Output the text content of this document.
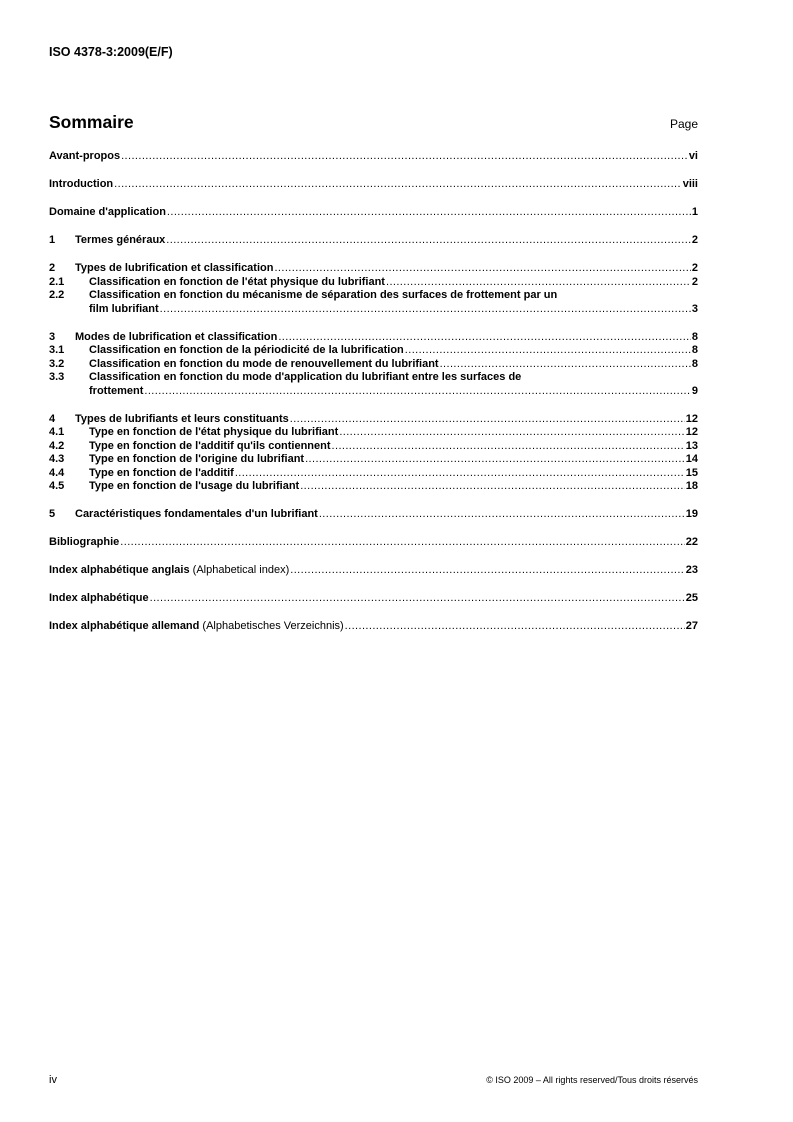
ISO 4378-3:2009(E/F)
Sommaire	Page
Avant-propos .....	vi
Introduction .....	viii
Domaine d'application .....	1
1	Termes généraux .....	2
2	Types de lubrification et classification .....	2
2.1	Classification en fonction de l'état physique du lubrifiant .....	2
2.2	Classification en fonction du mécanisme de séparation des surfaces de frottement par un
film lubrifiant .....	3
3	Modes de lubrification et classification .....	8
3.1	Classification en fonction de la périodicité de la lubrification .....	8
3.2	Classification en fonction du mode de renouvellement du lubrifiant .....	8
3.3	Classification en fonction du mode d'application du lubrifiant entre les surfaces de
frottement .....	9
4	Types de lubrifiants et leurs constituants .....	12
4.1	Type en fonction de l'état physique du lubrifiant .....	12
4.2	Type en fonction de l'additif qu'ils contiennent .....	13
4.3	Type en fonction de l'origine du lubrifiant .....	14
4.4	Type en fonction de l'additif .....	15
4.5	Type en fonction de l'usage du lubrifiant .....	18
5	Caractéristiques fondamentales d'un lubrifiant .....	19
Bibliographie .....	22
Index alphabétique anglais (Alphabetical index) .....	23
Index alphabétique .....	25
Index alphabétique allemand (Alphabetisches Verzeichnis) .....	27
iv	© ISO 2009 – All rights reserved/Tous droits réservés
